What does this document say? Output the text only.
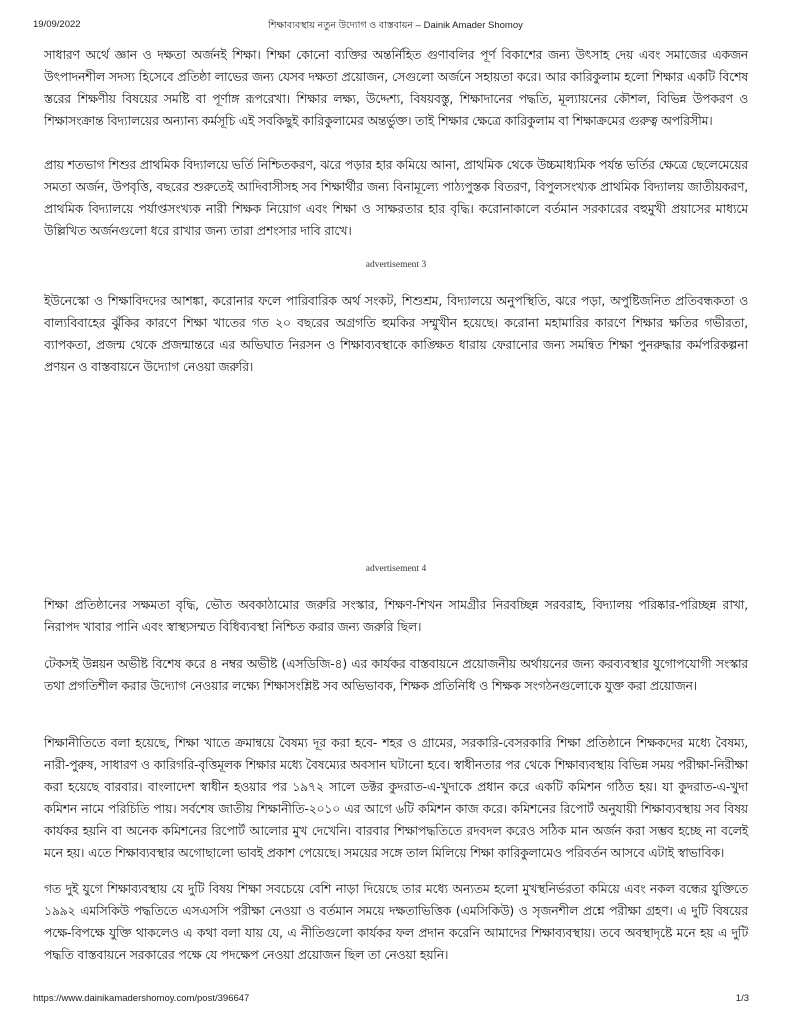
19/09/2022	শিক্ষাব্যবস্থায় নতুন উদ্যোগ ও বাস্তবায়ন – Dainik Amader Shomoy

সাধারণ অর্থে জ্ঞান ও দক্ষতা অর্জনই শিক্ষা। শিক্ষা কোনো ব্যক্তির অন্তর্নিহিত গুণাবলির পূর্ণ বিকাশের জন্য উৎসাহ দেয় এবং সমাজের একজন উৎপাদনশীল সদস্য হিসেবে প্রতিষ্ঠা লাভের জন্য যেসব দক্ষতা প্রয়োজন, সেগুলো অর্জনে সহায়তা করে। আর কারিকুলাম হলো শিক্ষার একটি বিশেষ স্তরের শিক্ষণীয় বিষয়ের সমষ্টি বা পূর্ণাঙ্গ রূপরেখা। শিক্ষার লক্ষ্য, উদ্দেশ্য, বিষয়বস্তু, শিক্ষাদানের পদ্ধতি, মূল্যায়নের কৌশল, বিভিন্ন উপকরণ ও শিক্ষাসংক্রান্ত বিদ্যালয়ের অন্যান্য কর্মসূচি এই সবকিছুই কারিকুলামের অন্তর্ভুক্ত। তাই শিক্ষার ক্ষেত্রে কারিকুলাম বা শিক্ষাক্রমের গুরুত্ব অপরিসীম।

প্রায় শতভাগ শিশুর প্রাথমিক বিদ্যালয়ে ভর্তি নিশ্চিতকরণ, ঝরে পড়ার হার কমিয়ে আনা, প্রাথমিক থেকে উচ্চমাধ্যমিক পর্যন্ত ভর্তির ক্ষেত্রে ছেলেমেয়ের সমতা অর্জন, উপবৃত্তি, বছরের শুরুতেই আদিবাসীসহ সব শিক্ষার্থীর জন্য বিনামূল্যে পাঠ্যপুস্তক বিতরণ, বিপুলসংখ্যক প্রাথমিক বিদ্যালয় জাতীয়করণ, প্রাথমিক বিদ্যালয়ে পর্যাপ্তসংখ্যক নারী শিক্ষক নিয়োগ এবং শিক্ষা ও সাক্ষরতার হার বৃদ্ধি। করোনাকালে বর্তমান সরকারের বহুমুখী প্রয়াসের মাধ্যমে উল্লিখিত অর্জনগুলো ধরে রাখার জন্য তারা প্রশংসার দাবি রাখে।

advertisement 3

ইউনেস্কো ও শিক্ষাবিদদের আশঙ্কা, করোনার ফলে পারিবারিক অর্থ সংকট, শিশুশ্রম, বিদ্যালয়ে অনুপস্থিতি, ঝরে পড়া, অপুষ্টিজনিত প্রতিবন্ধকতা ও বাল্যবিবাহের ঝুঁকির কারণে শিক্ষা খাতের গত ২০ বছরের অগ্রগতি হুমকির সম্মুখীন হয়েছে। করোনা মহামারির কারণে শিক্ষার ক্ষতির গভীরতা, ব্যাপকতা, প্রজন্ম থেকে প্রজন্মান্তরে এর অভিঘাত নিরসন ও শিক্ষাব্যবস্থাকে কাঙ্ক্ষিত ধারায় ফেরানোর জন্য সমন্বিত শিক্ষা পুনরুদ্ধার কর্মপরিকল্পনা প্রণয়ন ও বাস্তবায়নে উদ্যোগ নেওয়া জরুরি।

advertisement 4

শিক্ষা প্রতিষ্ঠানের সক্ষমতা বৃদ্ধি, ভৌত অবকাঠামোর জরুরি সংস্কার, শিক্ষণ-শিখন সামগ্রীর নিরবচ্ছিন্ন সরবরাহ, বিদ্যালয় পরিষ্কার-পরিচ্ছন্ন রাখা, নিরাপদ খাবার পানি এবং স্বাস্থ্যসম্মত বিধিব্যবস্থা নিশ্চিত করার জন্য জরুরি ছিল।

টেকসই উন্নয়ন অভীষ্ট বিশেষ করে ৪ নম্বর অভীষ্ট (এসডিজি-৪) এর কার্যকর বাস্তবায়নে প্রয়োজনীয় অর্থায়নের জন্য করব্যবস্থার যুগোপযোগী সংস্কার তথা প্রগতিশীল করার উদ্যোগ নেওয়ার লক্ষ্যে শিক্ষাসংশ্লিষ্ট সব অভিভাবক, শিক্ষক প্রতিনিধি ও শিক্ষক সংগঠনগুলোকে যুক্ত করা প্রয়োজন।

শিক্ষানীতিতে বলা হয়েছে, শিক্ষা খাতে ক্রমান্বয়ে বৈষম্য দূর করা হবে- শহর ও গ্রামের, সরকারি-বেসরকারি শিক্ষা প্রতিষ্ঠানে শিক্ষকদের মধ্যে বৈষম্য, নারী-পুরুষ, সাধারণ ও কারিগরি-বৃত্তিমূলক শিক্ষার মধ্যে বৈষম্যের অবসান ঘটানো হবে। স্বাধীনতার পর থেকে শিক্ষাব্যবস্থায় বিভিন্ন সময় পরীক্ষা-নিরীক্ষা করা হয়েছে বারবার। বাংলাদেশ স্বাধীন হওয়ার পর ১৯৭২ সালে ডক্টর কুদরাত-এ-খুদাকে প্রধান করে একটি কমিশন গঠিত হয়। যা কুদরাত-এ-খুদা কমিশন নামে পরিচিতি পায়। সর্বশেষ জাতীয় শিক্ষানীতি-২০১০ এর আগে ৬টি কমিশন কাজ করে। কমিশনের রিপোর্ট অনুযায়ী শিক্ষাব্যবস্থায় সব বিষয় কার্যকর হয়নি বা অনেক কমিশনের রিপোর্ট আলোর মুখ দেখেনি। বারবার শিক্ষাপদ্ধতিতে রদবদল করেও সঠিক মান অর্জন করা সম্ভব হচ্ছে না বলেই মনে হয়। এতে শিক্ষাব্যবস্থার অগোছালো ভাবই প্রকাশ পেয়েছে। সময়ের সঙ্গে তাল মিলিয়ে শিক্ষা কারিকুলামেও পরিবর্তন আসবে এটাই স্বাভাবিক।

গত দুই যুগে শিক্ষাব্যবস্থায় যে দুটি বিষয় শিক্ষা সবচেয়ে বেশি নাড়া দিয়েছে তার মধ্যে অন্যতম হলো মুখস্থনির্ভরতা কমিয়ে এবং নকল বন্ধের যুক্তিতে ১৯৯২ এমসিকিউ পদ্ধতিতে এসএসসি পরীক্ষা নেওয়া ও বর্তমান সময়ে দক্ষতাভিত্তিক (এমসিকিউ) ও সৃজনশীল প্রশ্নে পরীক্ষা গ্রহণ। এ দুটি বিষয়ের পক্ষে-বিপক্ষে যুক্তি থাকলেও এ কথা বলা যায় যে, এ নীতিগুলো কার্যকর ফল প্রদান করেনি আমাদের শিক্ষাব্যবস্থায়। তবে অবস্থাদৃষ্টে মনে হয় এ দুটি পদ্ধতি বাস্তবায়নে সরকারের পক্ষে যে পদক্ষেপ নেওয়া প্রয়োজন ছিল তা নেওয়া হয়নি।

https://www.dainikamadershomoy.com/post/396647	1/3
